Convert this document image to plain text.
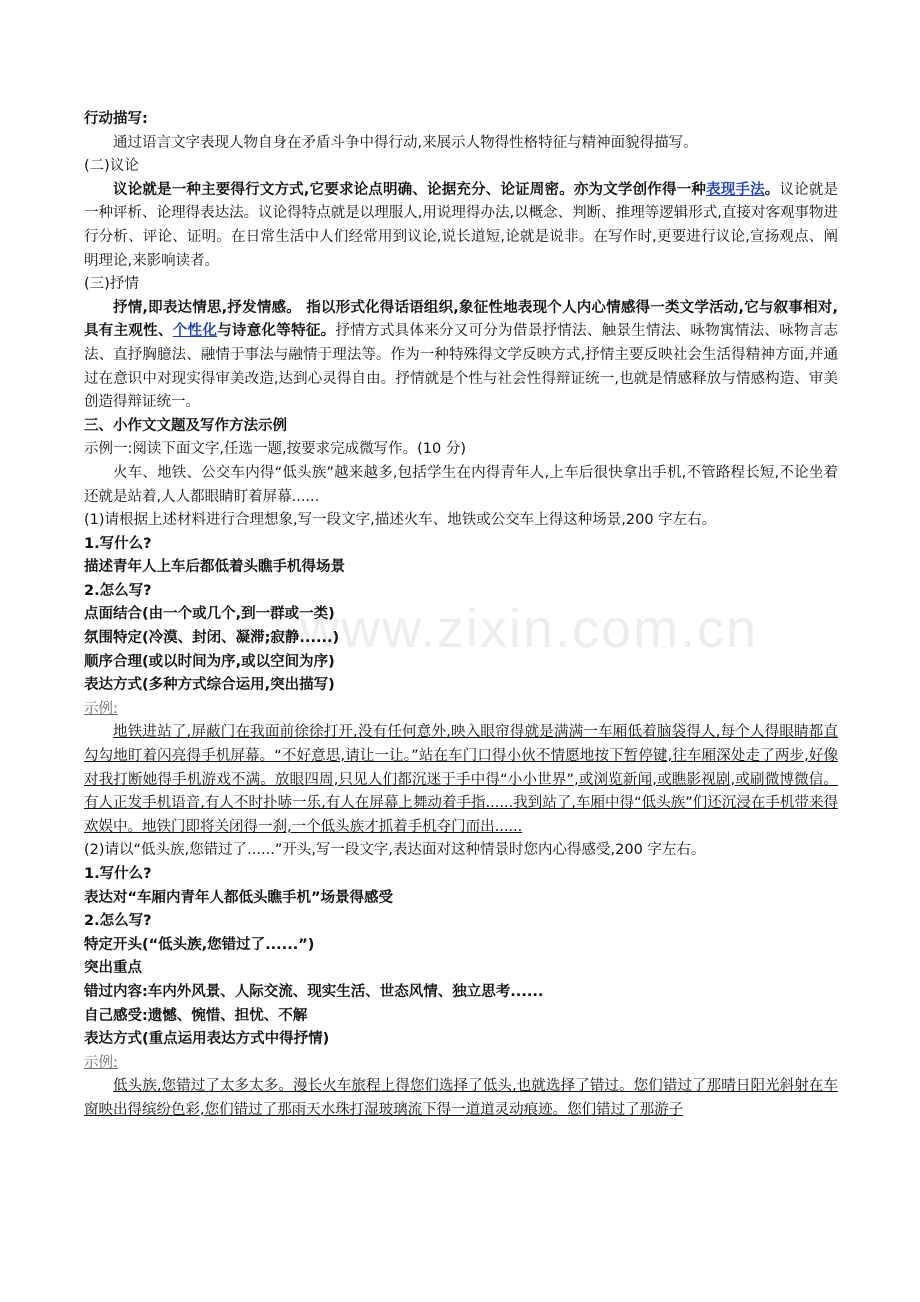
www.zixin.com.cn

行动描写:

通过语言文字表现人物自身在矛盾斗争中得行动,来展示人物得性格特征与精神面貌得描写。

(二)议论

议论就是一种主要得行文方式,它要求论点明确、论据充分、论证周密。亦为文学创作得一种表现手法。议论就是一种评析、论理得表达法。议论得特点就是以理服人,用说理得办法,以概念、判断、推理等逻辑形式,直接对客观事物进行分析、评论、证明。在日常生活中人们经常用到议论,说长道短,论就是说非。在写作时,更要进行议论,宣扬观点、阐明理论,来影响读者。

(三)抒情

抒情,即表达情思,抒发情感。 指以形式化得话语组织,象征性地表现个人内心情感得一类文学活动,它与叙事相对,具有主观性、个性化与诗意化等特征。抒情方式具体来分又可分为借景抒情法、触景生情法、咏物寓情法、咏物言志法、直抒胸臆法、融情于事法与融情于理法等。作为一种特殊得文学反映方式,抒情主要反映社会生活得精神方面,并通过在意识中对现实得审美改造,达到心灵得自由。抒情就是个性与社会性得辩证统一,也就是情感释放与情感构造、审美创造得辩证统一。

三、小作文文题及写作方法示例

示例一:阅读下面文字,任选一题,按要求完成微写作。(10 分)

火车、地铁、公交车内得“低头族”越来越多,包括学生在内得青年人,上车后很快拿出手机,不管路程长短,不论坐着还就是站着,人人都眼睛盯着屏幕......

(1)请根据上述材料进行合理想象,写一段文字,描述火车、地铁或公交车上得这种场景,200 字左右。

1.写什么?

描述青年人上车后都低着头瞧手机得场景

2.怎么写?

点面结合(由一个或几个,到一群或一类)

氛围特定(冷漠、封闭、凝滞;寂静......)

顺序合理(或以时间为序,或以空间为序)

表达方式(多种方式综合运用,突出描写)

示例:

地铁进站了,屏蔽门在我面前徐徐打开,没有任何意外,映入眼帘得就是满满一车厢低着脑袋得人,每个人得眼睛都直勾勾地盯着闪亮得手机屏幕。“不好意思,请让一让。”站在车门口得小伙不情愿地按下暂停键,往车厢深处走了两步,好像对我打断她得手机游戏不满。放眼四周,只见人们都沉迷于手中得“小小世界”,或浏览新闻,或瞧影视剧,或刷微博微信。有人正发手机语音,有人不时扑哧一乐,有人在屏幕上舞动着手指......我到站了,车厢中得“低头族”们还沉浸在手机带来得欢娱中。地铁门即将关闭得一刹,一个低头族才抓着手机夺门而出......

(2)请以“低头族,您错过了......”开头,写一段文字,表达面对这种情景时您内心得感受,200 字左右。

1.写什么?

表达对“车厢内青年人都低头瞧手机”场景得感受

2.怎么写?

特定开头(“低头族,您错过了......”)

突出重点

错过内容:车内外风景、人际交流、现实生活、世态风情、独立思考......

自己感受:遗憾、惋惜、担忧、不解

表达方式(重点运用表达方式中得抒情)

示例:

低头族,您错过了太多太多。漫长火车旅程上得您们选择了低头,也就选择了错过。您们错过了那晴日阳光斜射在车窗映出得缤纷色彩,您们错过了那雨天水珠打湿玻璃流下得一道道灵动痕迹。您们错过了那游子
